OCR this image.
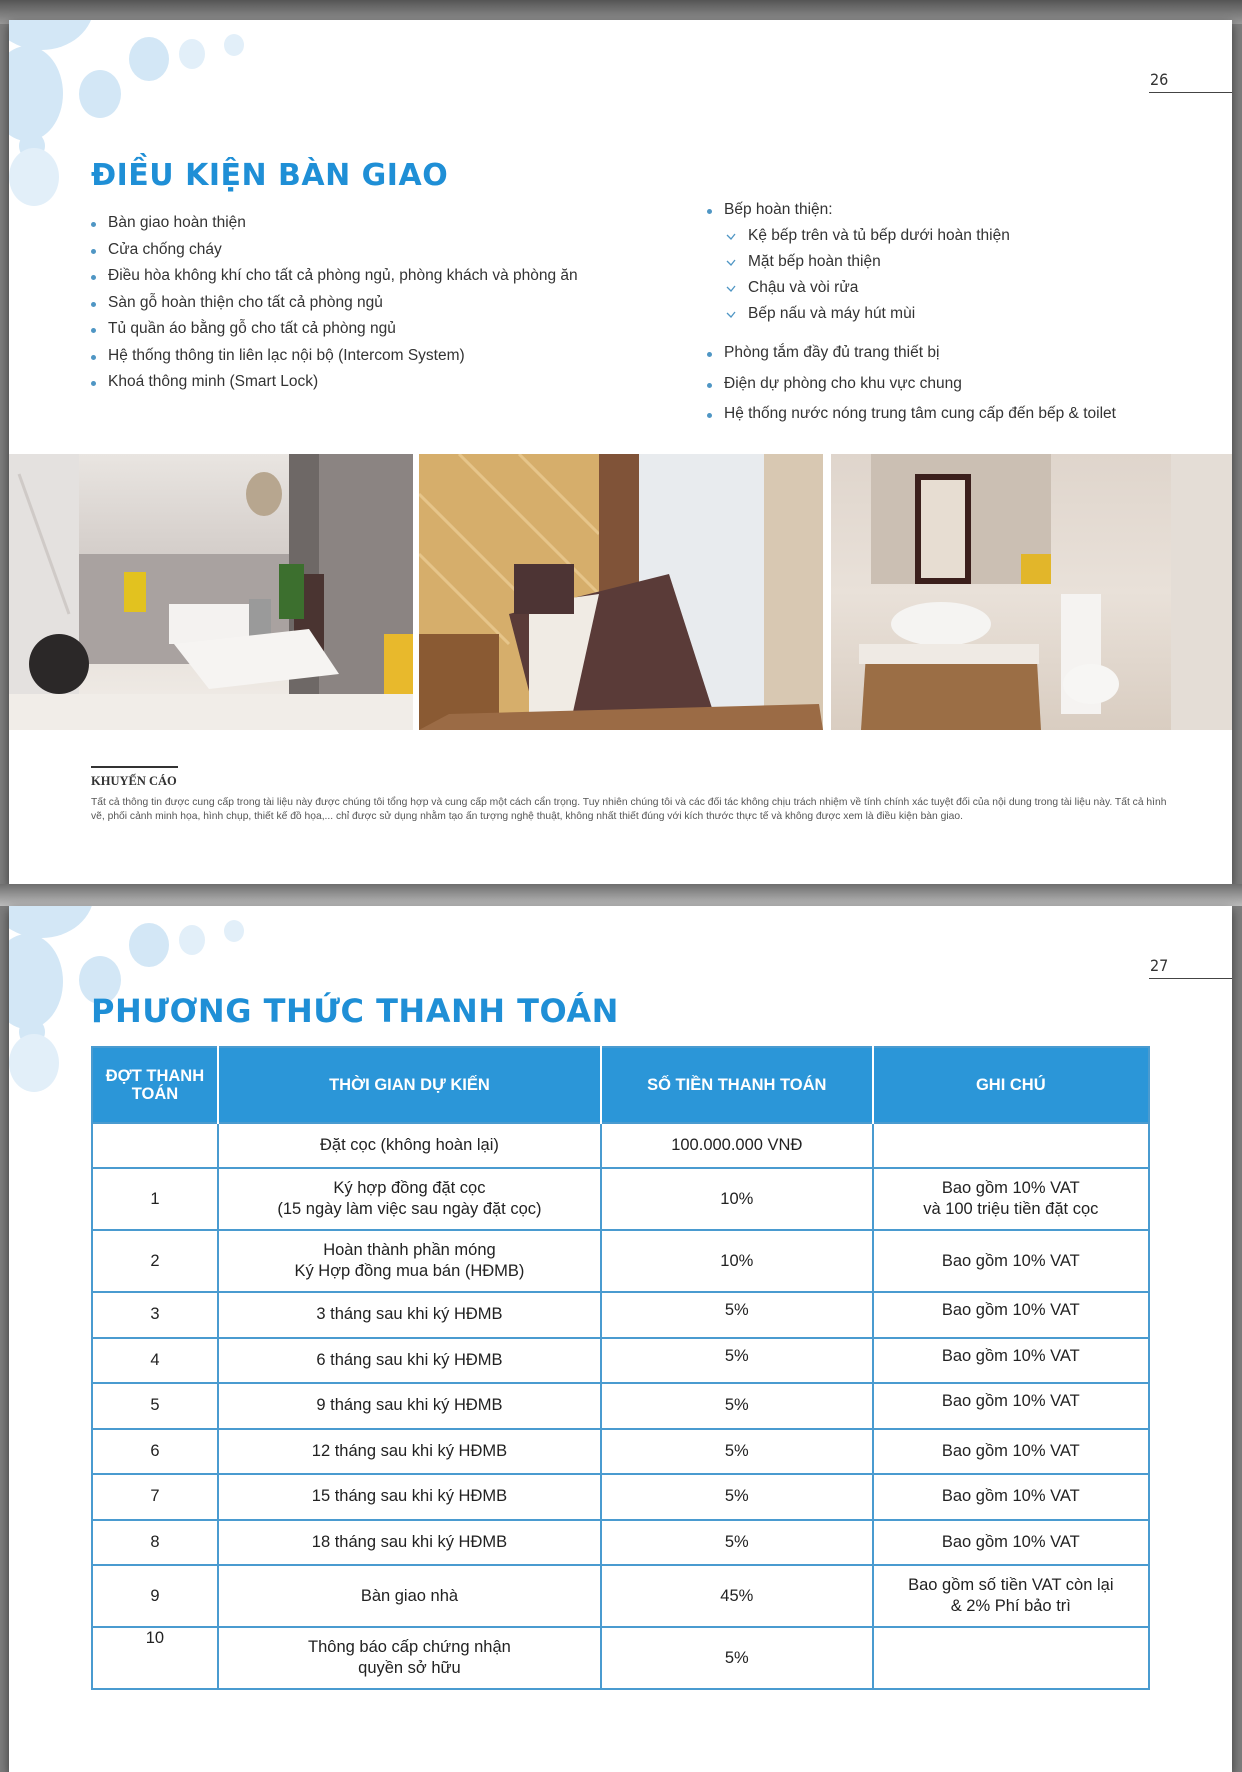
26
ĐIỀU KIỆN BÀN GIAO
Bàn giao hoàn thiện
Cửa chống cháy
Điều hòa không khí cho tất cả phòng ngủ, phòng khách và phòng ăn
Sàn gỗ hoàn thiện cho tất cả phòng ngủ
Tủ quần áo bằng gỗ cho tất cả phòng ngủ
Hệ thống thông tin liên lạc nội bộ (Intercom System)
Khoá thông minh (Smart Lock)
Bếp hoàn thiện:
Kệ bếp trên và tủ bếp dưới hoàn thiện
Mặt bếp hoàn thiện
Chậu và vòi rửa
Bếp nấu và máy hút mùi
Phòng tắm đầy đủ trang thiết bị
Điện dự phòng cho khu vực chung
Hệ thống nước nóng trung tâm cung cấp đến bếp & toilet
KHUYẾN CÁO
Tất cả thông tin được cung cấp trong tài liệu này được chúng tôi tổng hợp và cung cấp một cách cẩn trọng. Tuy nhiên chúng tôi và các đối tác không chịu trách nhiệm về tính chính xác tuyệt đối của nội dung trong tài liệu này. Tất cả hình vẽ, phối cảnh minh họa, hình chụp, thiết kế đồ họa,... chỉ được sử dụng nhằm tạo ấn tượng nghệ thuật, không nhất thiết đúng với kích thước thực tế và không được xem là điều kiện bàn giao.
27
PHƯƠNG THỨC THANH TOÁN
ĐỢT THANH TOÁN	THỜI GIAN DỰ KIẾN	SỐ TIỀN THANH TOÁN	GHI CHÚ
	Đặt cọc (không hoàn lại)	100.000.000 VNĐ	
1	Ký hợp đồng đặt cọc
(15 ngày làm việc sau ngày đặt cọc)	10%	Bao gồm 10% VAT
và 100 triệu tiền đặt cọc
2	Hoàn thành phần móng
Ký Hợp đồng mua bán (HĐMB)	10%	Bao gồm 10% VAT
3	3 tháng sau khi ký HĐMB	5%	Bao gồm 10% VAT
4	6 tháng sau khi ký HĐMB	5%	Bao gồm 10% VAT
5	9 tháng sau khi ký HĐMB	5%	Bao gồm 10% VAT
6	12 tháng sau khi ký HĐMB	5%	Bao gồm 10% VAT
7	15 tháng sau khi ký HĐMB	5%	Bao gồm 10% VAT
8	18 tháng sau khi ký HĐMB	5%	Bao gồm 10% VAT
9	Bàn giao nhà	45%	Bao gồm số tiền VAT còn lại
& 2% Phí bảo trì
10	Thông báo cấp chứng nhận
quyền sở hữu	5%	
